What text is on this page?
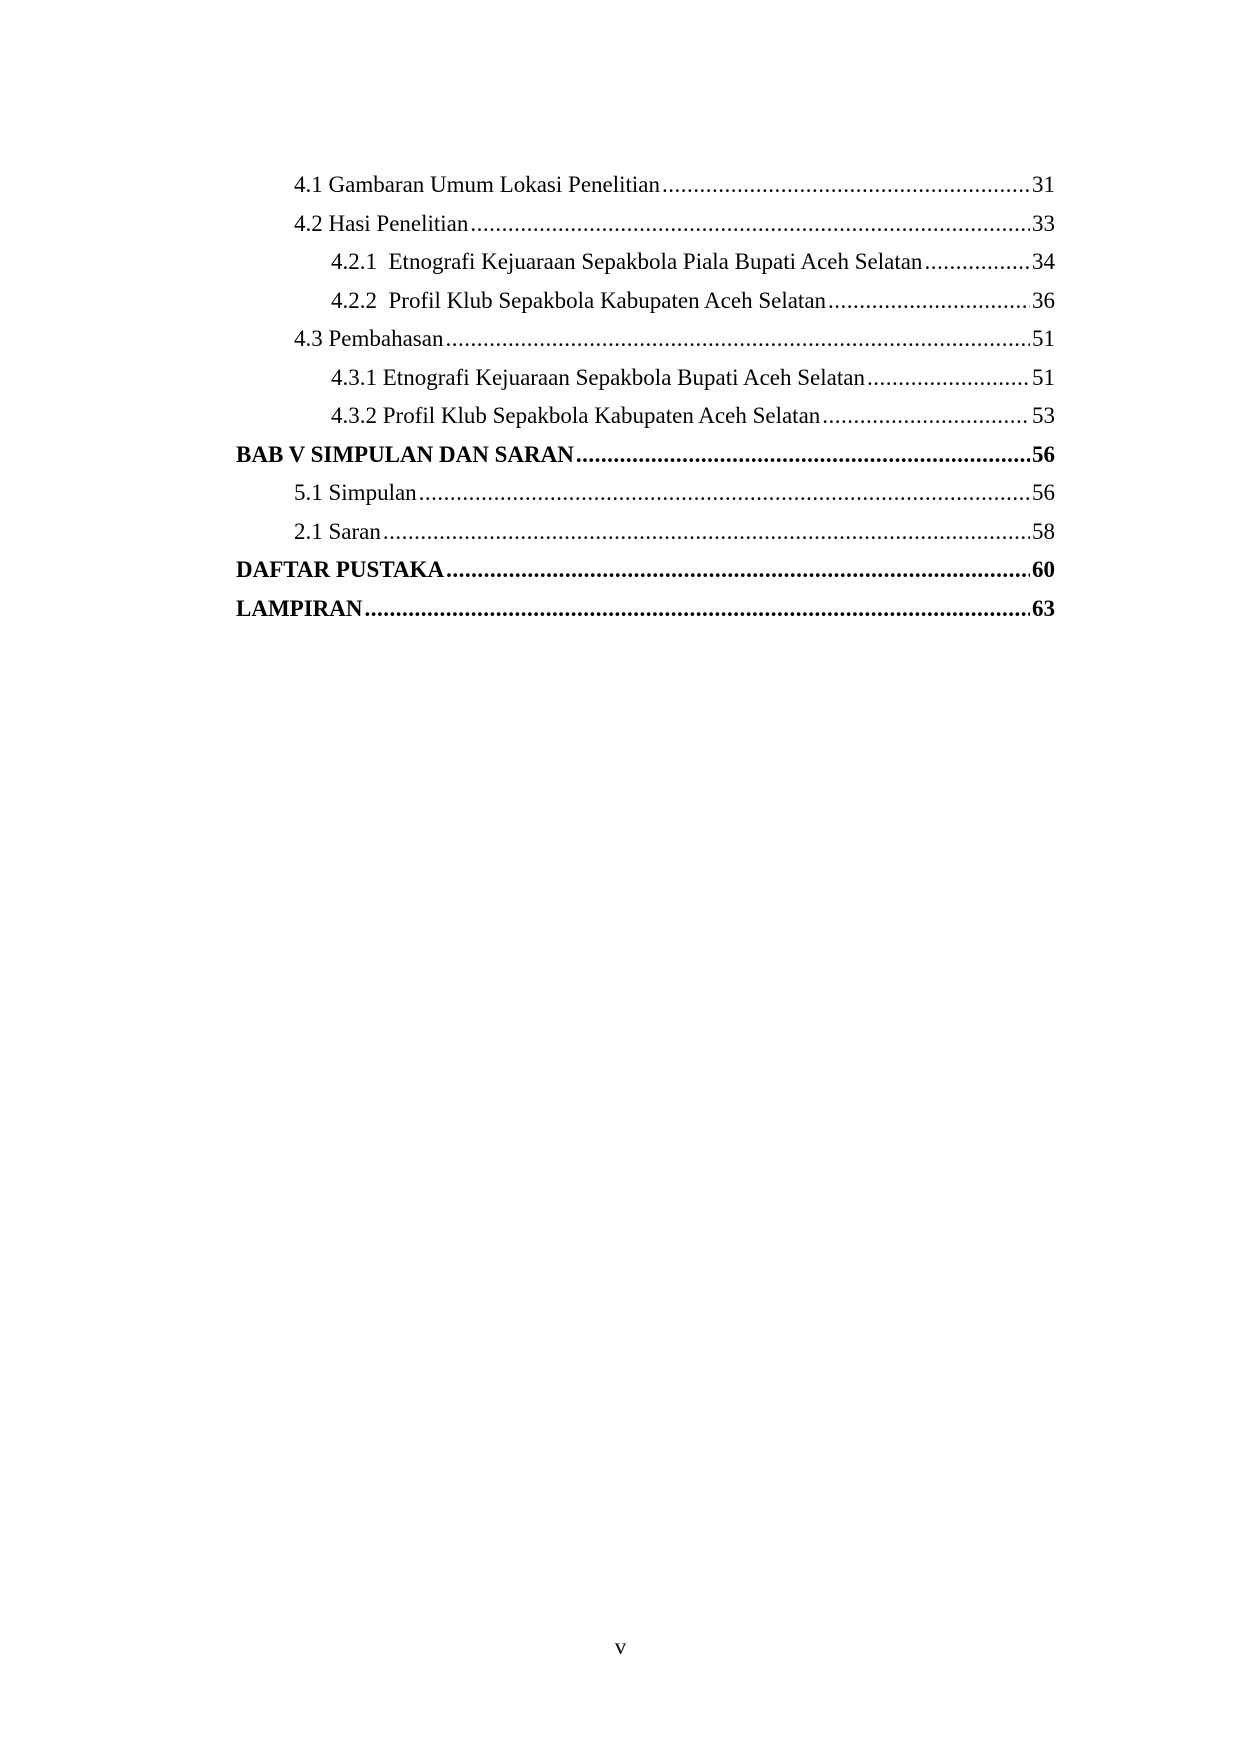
4.1 Gambaran Umum Lokasi Penelitian .....	31
4.2 Hasi Penelitian .....	33
4.2.1  Etnografi Kejuaraan Sepakbola Piala Bupati Aceh Selatan .....	34
4.2.2  Profil Klub Sepakbola Kabupaten Aceh Selatan .....	36
4.3 Pembahasan .....	51
4.3.1 Etnografi Kejuaraan Sepakbola Bupati Aceh Selatan .....	51
4.3.2 Profil Klub Sepakbola Kabupaten Aceh Selatan .....	53
BAB V SIMPULAN DAN SARAN .....	56
5.1 Simpulan .....	56
2.1 Saran .....	58
DAFTAR PUSTAKA .....	60
LAMPIRAN .....	63
v
